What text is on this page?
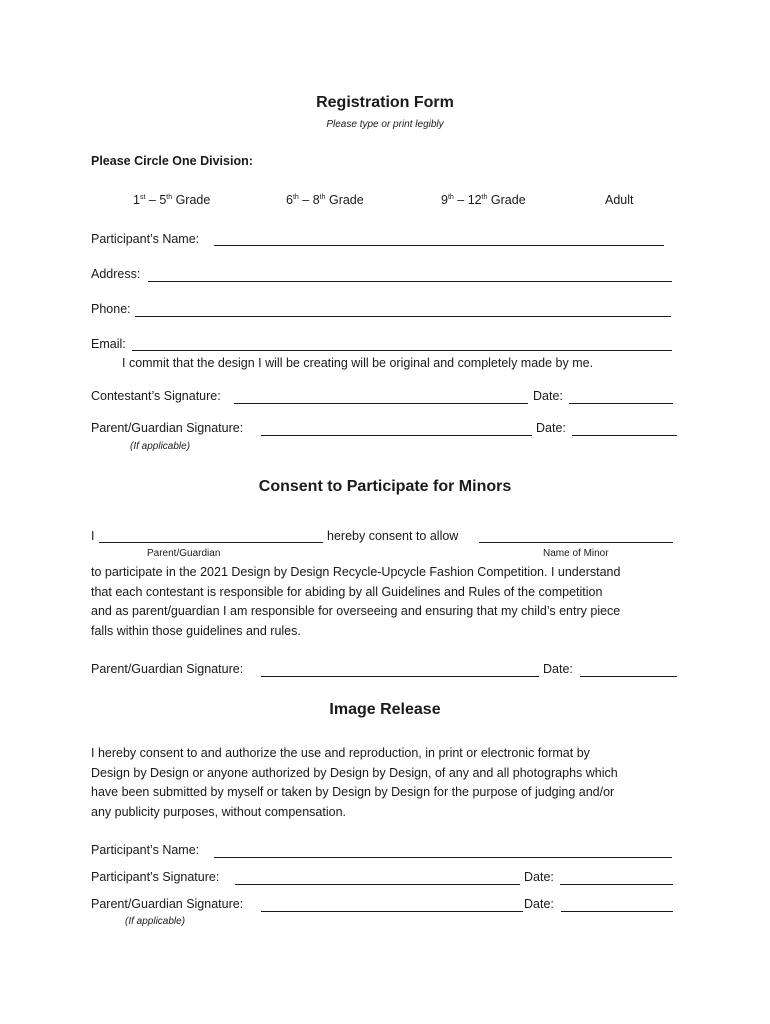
Registration Form
Please type or print legibly
Please Circle One Division:
1st – 5th Grade	6th – 8th Grade	9th – 12th Grade	Adult
Participant’s Name:
Address:
Phone:
Email:
I commit that the design I will be creating will be original and completely made by me.
Contestant’s Signature:	Date:
Parent/Guardian Signature:	Date:
(If applicable)
Consent to Participate for Minors
I	hereby consent to allow
Parent/Guardian	Name of Minor
to participate in the 2021 Design by Design Recycle-Upcycle Fashion Competition. I understand
that each contestant is responsible for abiding by all Guidelines and Rules of the competition
and as parent/guardian I am responsible for overseeing and ensuring that my child’s entry piece
falls within those guidelines and rules.
Parent/Guardian Signature:	Date:
Image Release
I hereby consent to and authorize the use and reproduction, in print or electronic format by
Design by Design or anyone authorized by Design by Design, of any and all photographs which
have been submitted by myself or taken by Design by Design for the purpose of judging and/or
any publicity purposes, without compensation.
Participant’s Name:
Participant’s Signature:	Date:
Parent/Guardian Signature:	Date:
(If applicable)
